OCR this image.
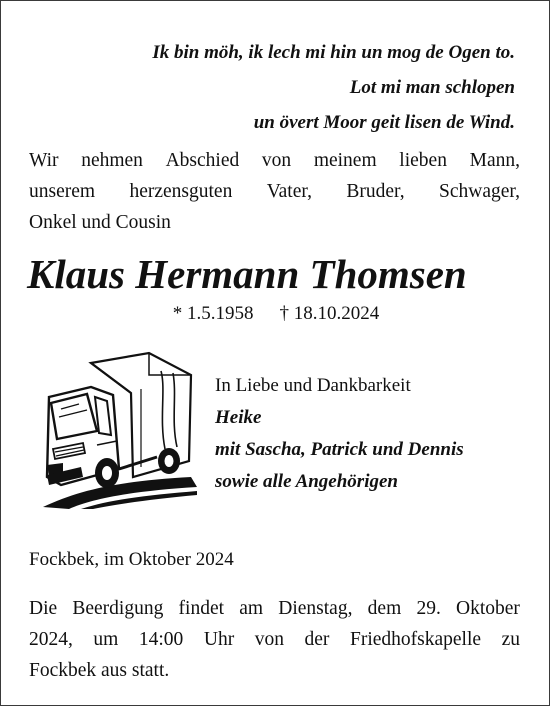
Ik bin möh, ik lech mi hin un mog de Ogen to.
Lot mi man schlopen
un övert Moor geit lisen de Wind.
Wir nehmen Abschied von meinem lieben Mann,
unserem herzensguten Vater, Bruder, Schwager,
Onkel und Cousin
Klaus Hermann Thomsen
* 1.5.1958 † 18.10.2024
In Liebe und Dankbarkeit
Heike
mit Sascha, Patrick und Dennis
sowie alle Angehörigen
Fockbek, im Oktober 2024
Die Beerdigung findet am Dienstag, dem 29. Oktober
2024, um 14:00 Uhr von der Friedhofskapelle zu
Fockbek aus statt.
